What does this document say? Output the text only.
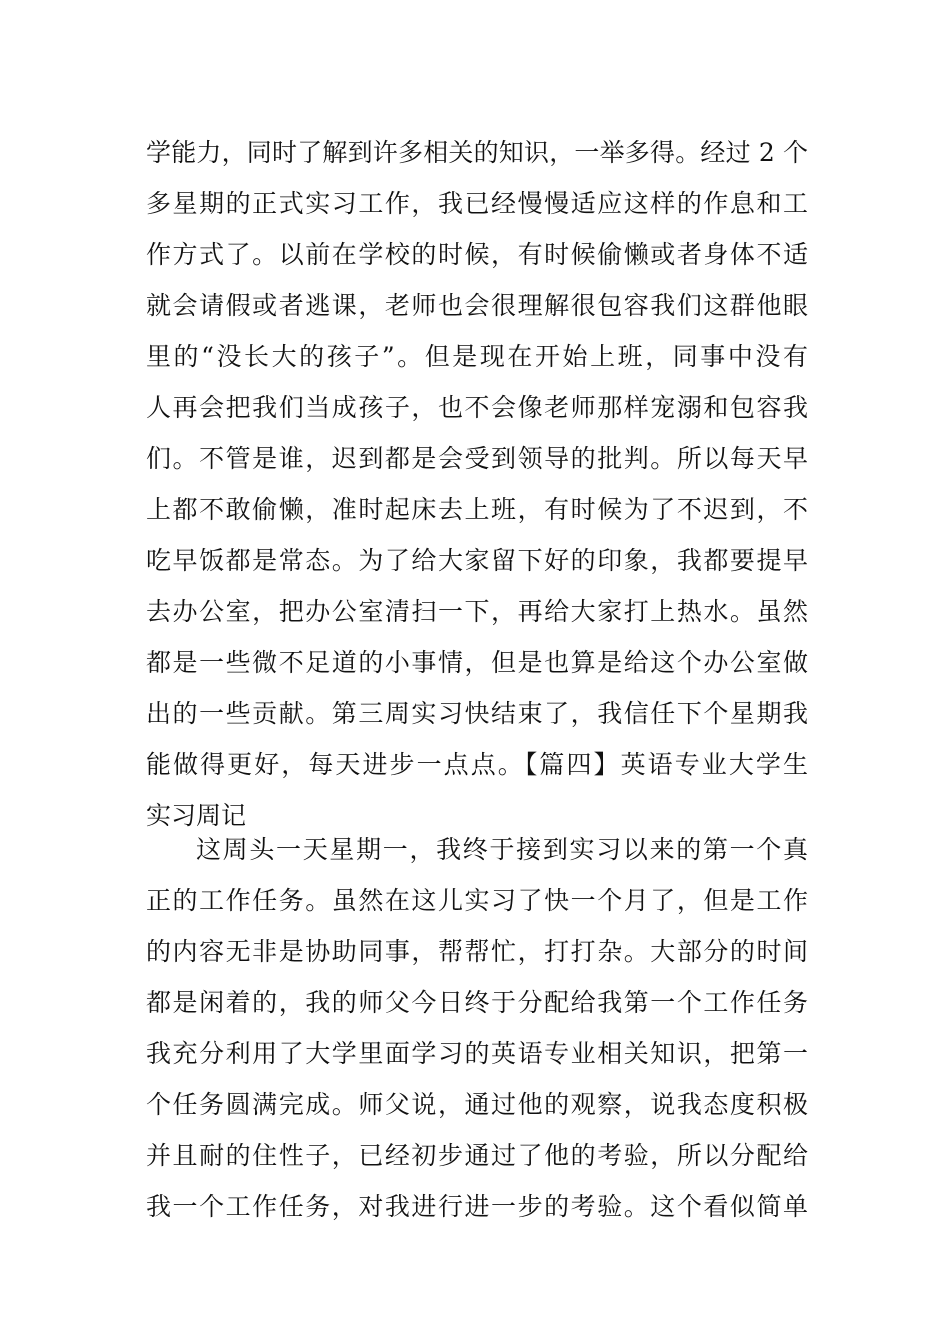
学能力，同时了解到许多相关的知识，一举多得。经过 2 个
多星期的正式实习工作，我已经慢慢适应这样的作息和工
作方式了。以前在学校的时候，有时候偷懒或者身体不适
就会请假或者逃课，老师也会很理解很包容我们这群他眼
里的“没长大的孩子”。但是现在开始上班，同事中没有
人再会把我们当成孩子，也不会像老师那样宠溺和包容我
们。不管是谁，迟到都是会受到领导的批判。所以每天早
上都不敢偷懒，准时起床去上班，有时候为了不迟到，不
吃早饭都是常态。为了给大家留下好的印象，我都要提早
去办公室，把办公室清扫一下，再给大家打上热水。虽然
都是一些微不足道的小事情，但是也算是给这个办公室做
出的一些贡献。第三周实习快结束了，我信任下个星期我
能做得更好，每天进步一点点。【篇四】英语专业大学生
实习周记
这周头一天星期一，我终于接到实习以来的第一个真
正的工作任务。虽然在这儿实习了快一个月了，但是工作
的内容无非是协助同事，帮帮忙，打打杂。大部分的时间
都是闲着的，我的师父今日终于分配给我第一个工作任务
我充分利用了大学里面学习的英语专业相关知识，把第一
个任务圆满完成。师父说，通过他的观察，说我态度积极
并且耐的住性子，已经初步通过了他的考验，所以分配给
我一个工作任务，对我进行进一步的考验。这个看似简单
